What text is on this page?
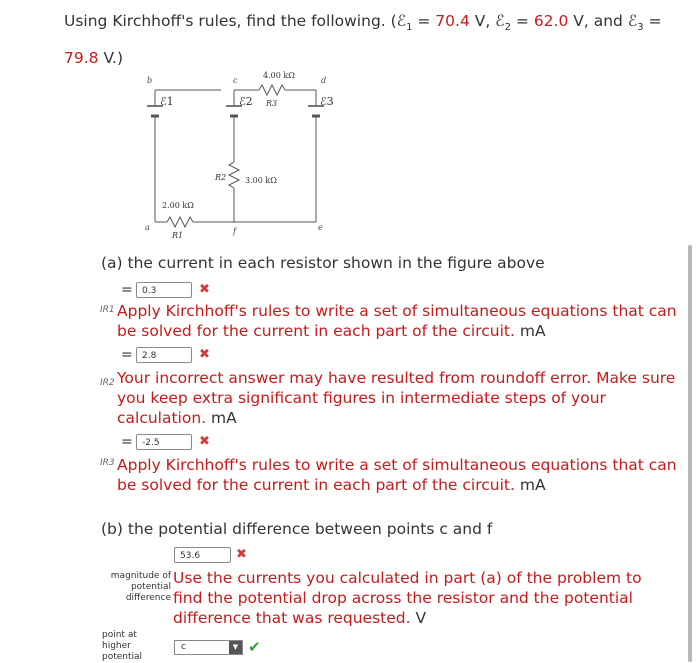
Using Kirchhoff's rules, find the following. (ℰ$_1$ = 70.4 V, ℰ$_2$ = 62.0 V, and ℰ$_3$ = 79.8 V.)
b	c	d
a	f	e
ℰ1	ℰ2	ℰ3
4.00 kΩ
R3
3.00 kΩ
R2
2.00 kΩ
R1
(a) the current in each resistor shown in the figure above
=	0.3	✖
IR1 Apply Kirchhoff's rules to write a set of simultaneous equations that can be solved for the current in each part of the circuit. mA
=	2.8	✖
IR2 Your incorrect answer may have resulted from roundoff error. Make sure you keep extra significant figures in intermediate steps of your calculation. mA
=	-2.5	✖
IR3 Apply Kirchhoff's rules to write a set of simultaneous equations that can be solved for the current in each part of the circuit. mA
(b) the potential difference between points c and f
53.6	✖
magnitude of potential difference
Use the currents you calculated in part (a) of the problem to find the potential drop across the resistor and the potential difference that was requested. V
point at higher potential
c	▼ ✔
